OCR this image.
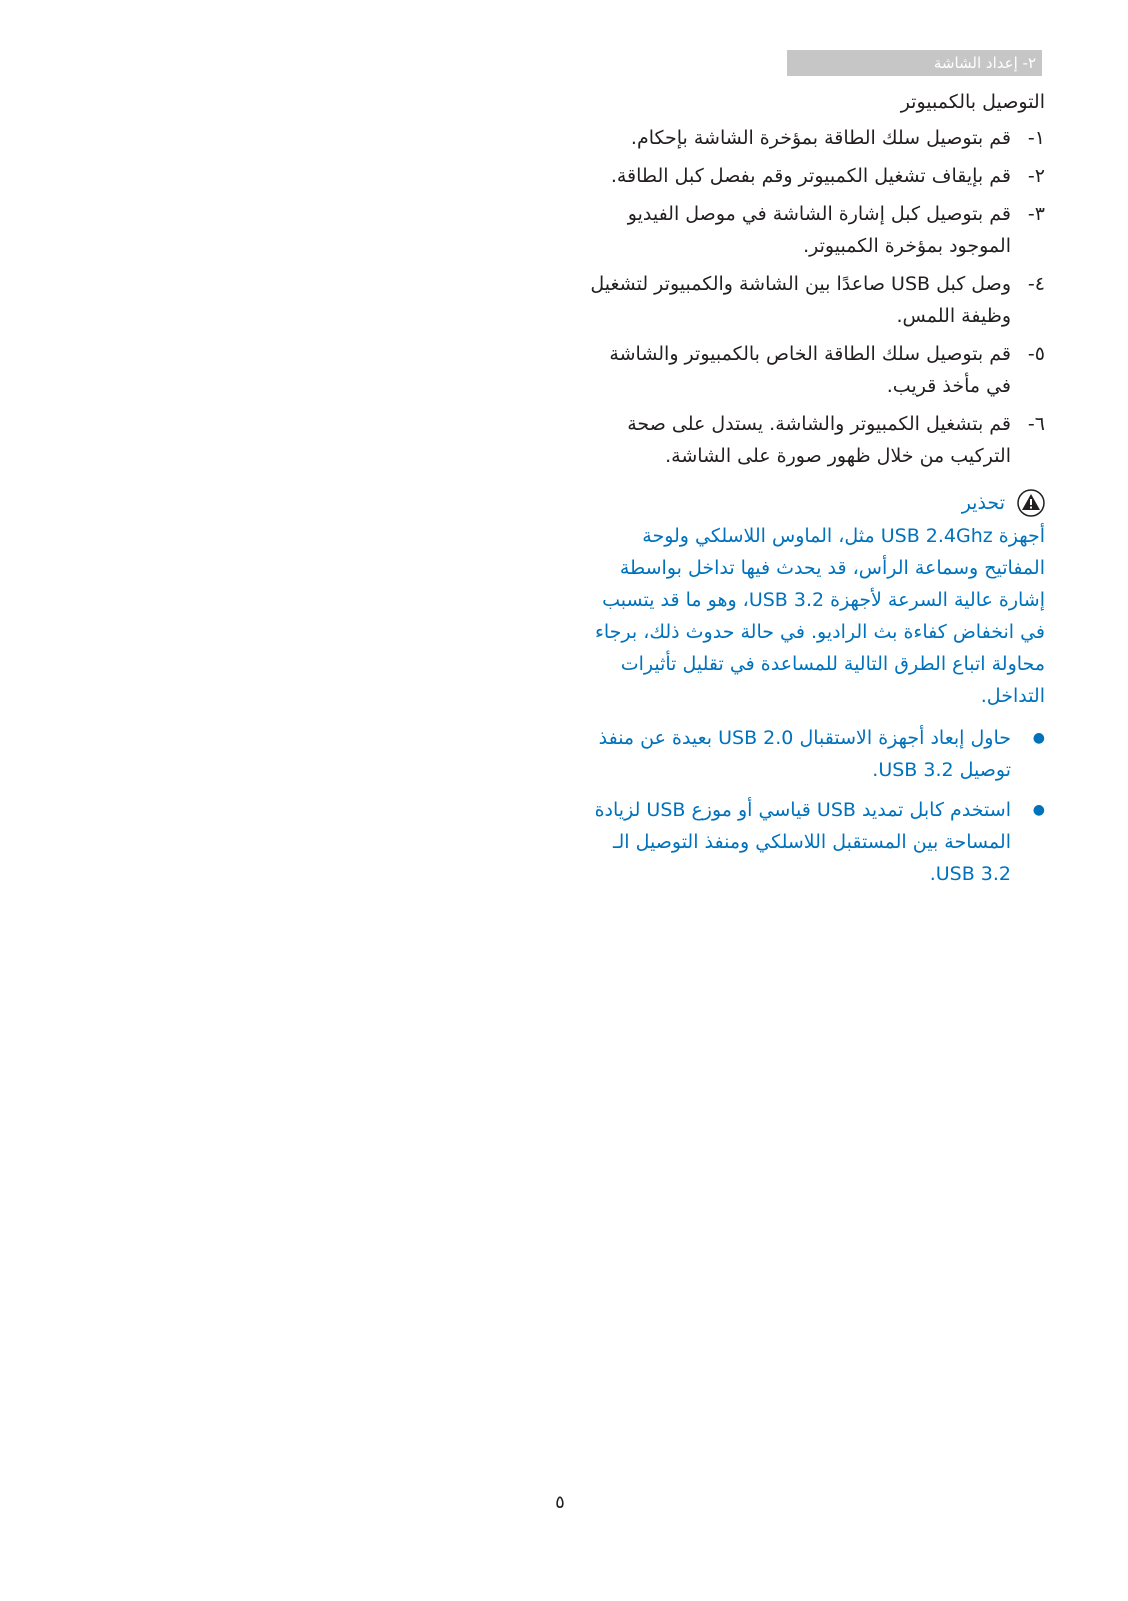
٢- إعداد الشاشة
التوصيل بالكمبيوتر
١-
قم بتوصيل سلك الطاقة بمؤخرة الشاشة بإحكام.
٢-
قم بإيقاف تشغيل الكمبيوتر وقم بفصل كبل الطاقة.
٣-
قم بتوصيل كبل إشارة الشاشة في موصل الفيديو الموجود بمؤخرة الكمبيوتر.
٤-
وصل كبل USB صاعدًا بين الشاشة والكمبيوتر لتشغيل وظيفة اللمس.
٥-
قم بتوصيل سلك الطاقة الخاص بالكمبيوتر والشاشة في مأخذ قريب.
٦-
قم بتشغيل الكمبيوتر والشاشة. يستدل على صحة التركيب من خلال ظهور صورة على الشاشة.
تحذير

أجهزة USB 2.4Ghz مثل، الماوس اللاسلكي ولوحة المفاتيح وسماعة الرأس، قد يحدث فيها تداخل بواسطة إشارة عالية السرعة لأجهزة USB 3.2، وهو ما قد يتسبب في انخفاض كفاءة بث الراديو. في حالة حدوث ذلك، برجاء محاولة اتباع الطرق التالية للمساعدة في تقليل تأثيرات التداخل.

●
حاول إبعاد أجهزة الاستقبال USB 2.0 بعيدة عن منفذ توصيل USB 3.2.
●
استخدم كابل تمديد USB قياسي أو موزع USB لزيادة المساحة بين المستقبل اللاسلكي ومنفذ التوصيل الـ USB 3.2.
٥
